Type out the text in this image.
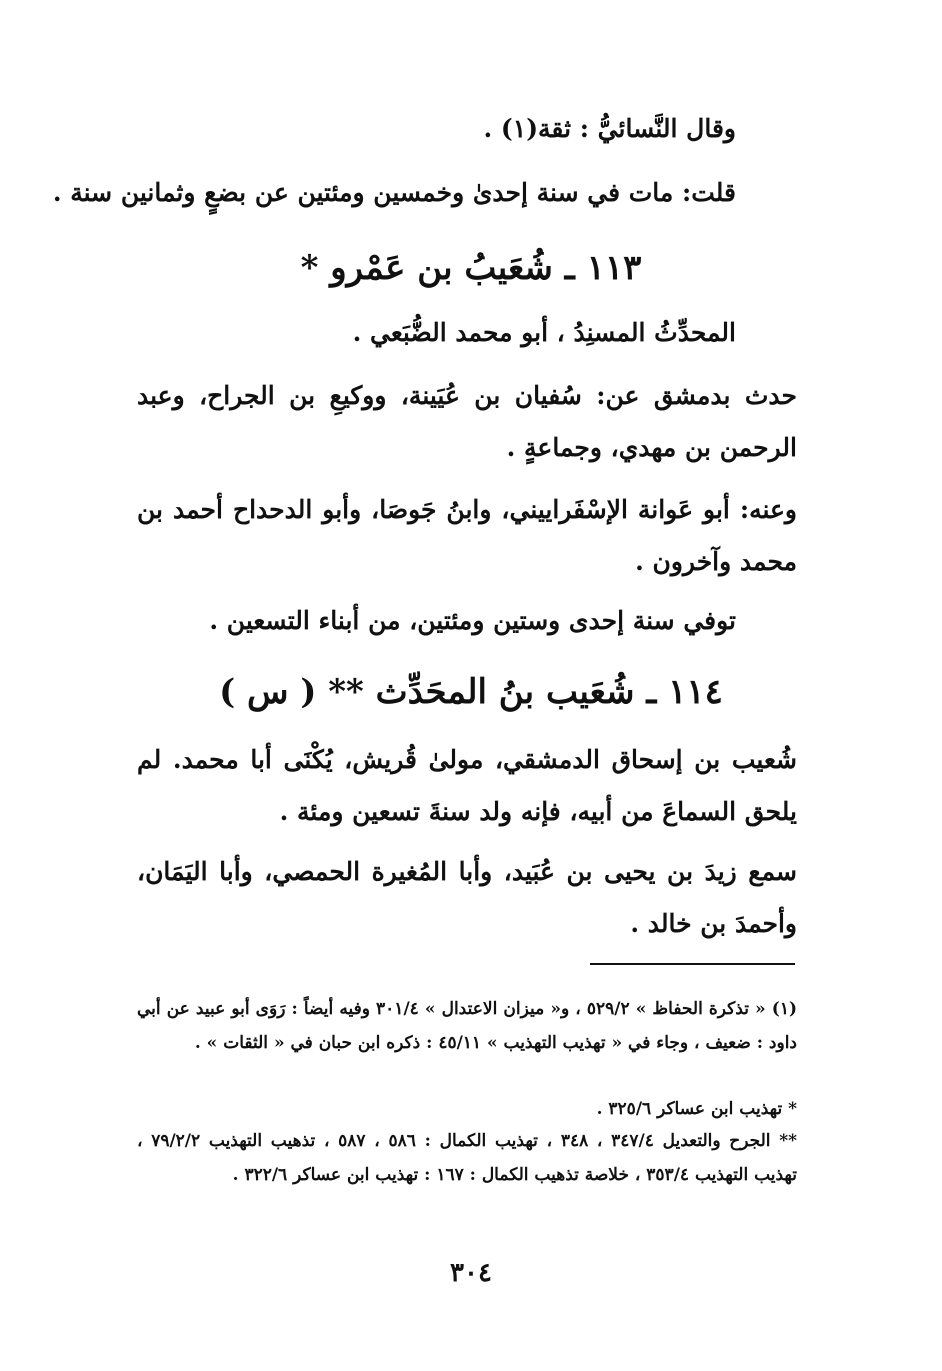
وقال النَّسائيُّ : ثقة(١) .
قلت: مات في سنة إحدىٰ وخمسين ومئتين عن بضعٍ وثمانين سنة .
١١٣ ـ شُعَيبُ بن عَمْرو *
المحدِّثُ المسنِدُ ، أبو محمد الضُّبَعي .
حدث بدمشق عن: سُفيان بن عُيَينة، ووكيعِ بن الجراح، وعبد الرحمن بن مهدي، وجماعةٍ .
وعنه: أبو عَوانة الإسْفَراييني، وابنُ جَوصَا، وأبو الدحداح أحمد بن محمد وآخرون .
توفي سنة إحدى وستين ومئتين، من أبناء التسعين .
١١٤ ـ شُعَيب بنُ المحَدِّث ** ( س )
شُعيب بن إسحاق الدمشقي، مولىٰ قُريش، يُكْنَى أبا محمد. لم يلحق السماعَ من أبيه، فإنه ولد سنةَ تسعين ومئة .
سمع زيدَ بن يحيى بن عُبَيد، وأبا المُغيرة الحمصي، وأبا اليَمَان، وأحمدَ بن خالد .
(١) « تذكرة الحفاظ » ٥٢٩/٢ ، و« ميزان الاعتدال » ٣٠١/٤ وفيه أيضاً : رَوَى أبو عبيد عن أبي داود : ضعيف ، وجاء في « تهذيب التهذيب » ٤٥/١١ : ذكره ابن حبان في « الثقات » .
* تهذيب ابن عساكر ٣٢٥/٦ .
** الجرح والتعديل ٣٤٧/٤ ، ٣٤٨ ، تهذيب الكمال : ٥٨٦ ، ٥٨٧ ، تذهيب التهذيب ٧٩/٢/٢ ، تهذيب التهذيب ٣٥٣/٤ ، خلاصة تذهيب الكمال : ١٦٧ : تهذيب ابن عساكر ٣٢٢/٦ .
٣٠٤
